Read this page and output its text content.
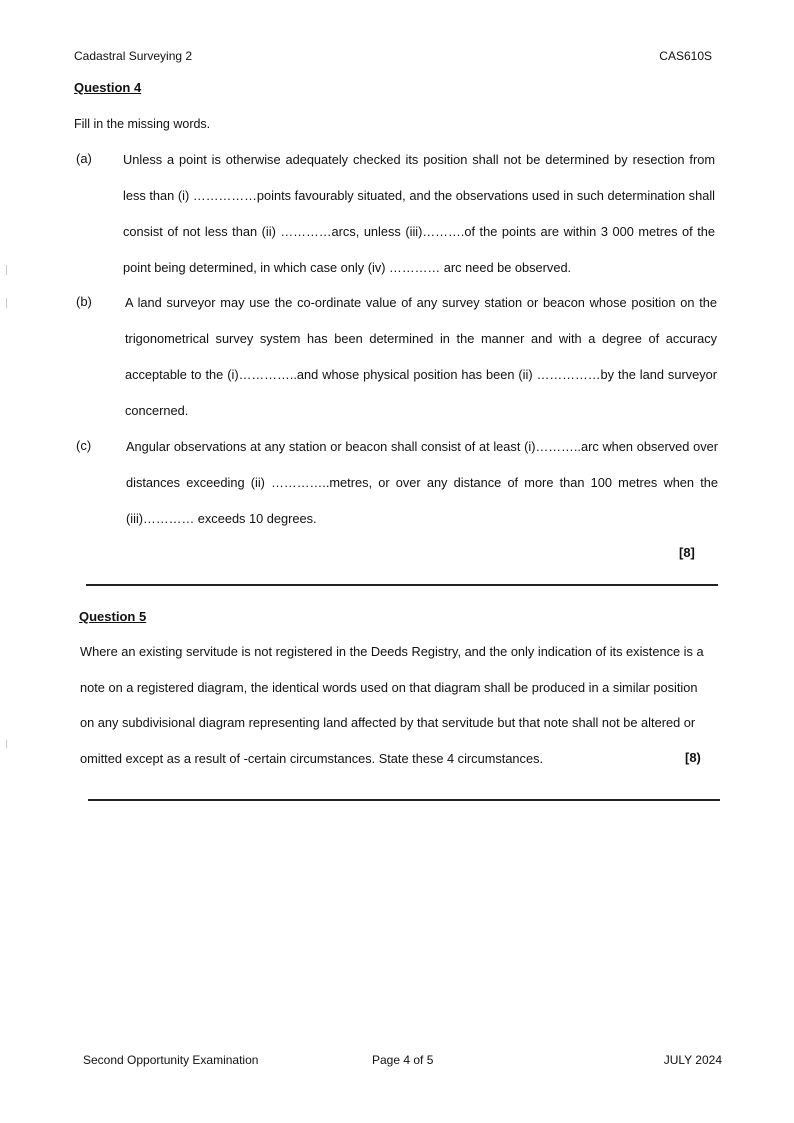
Cadastral Surveying 2	CAS610S
Question 4
Fill in the missing words.
(a) Unless a point is otherwise adequately checked its position shall not be determined by resection from less than (i) ……………points favourably situated, and the observations used in such determination shall consist of not less than (ii) …………arcs, unless (iii)……….of the points are within 3 000 metres of the point being determined, in which case only (iv) ………… arc need be observed.
(b)	A land surveyor may use the co-ordinate value of any survey station or beacon whose position on the trigonometrical survey system has been determined in the manner and with a degree of accuracy acceptable to the (i)…………..and whose physical position has been (ii) ……………by the land surveyor concerned.
(c)	Angular observations at any station or beacon shall consist of at least (i)………..arc when observed over distances exceeding (ii) …………..metres, or over any distance of more than 100 metres when the (iii)………… exceeds 10 degrees.
[8]
Question 5
Where an existing servitude is not registered in the Deeds Registry, and the only indication of its existence is a note on a registered diagram, the identical words used on that diagram shall be produced in a similar position on any subdivisional diagram representing land affected by that servitude but that note shall not be altered or omitted except as a result of -certain circumstances. State these 4 circumstances.	[8)
Second Opportunity Examination	Page 4 of 5	JULY 2024
